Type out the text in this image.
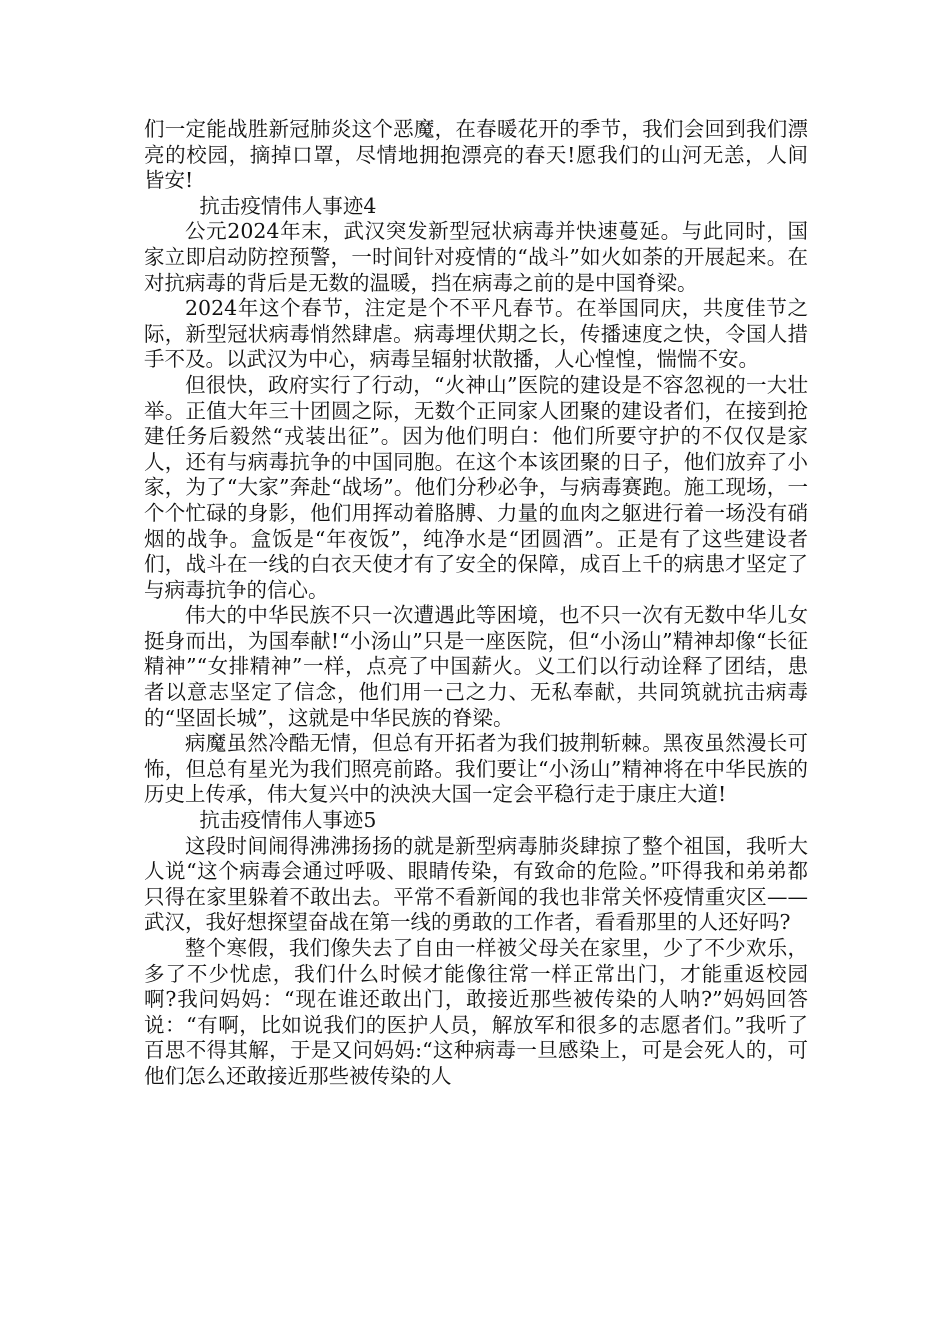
们一定能战胜新冠肺炎这个恶魔，在春暖花开的季节，我们会回到我们漂亮的校园，摘掉口罩，尽情地拥抱漂亮的春天!愿我们的山河无恙，人间皆安!

抗击疫情伟人事迹4

公元2024年末，武汉突发新型冠状病毒并快速蔓延。与此同时，国家立即启动防控预警，一时间针对疫情的“战斗”如火如荼的开展起来。在对抗病毒的背后是无数的温暖，挡在病毒之前的是中国脊梁。

2024年这个春节，注定是个不平凡春节。在举国同庆，共度佳节之际，新型冠状病毒悄然肆虐。病毒埋伏期之长，传播速度之快，令国人措手不及。以武汉为中心，病毒呈辐射状散播，人心惶惶，惴惴不安。

但很快，政府实行了行动，“火神山”医院的建设是不容忽视的一大壮举。正值大年三十团圆之际，无数个正同家人团聚的建设者们，在接到抢建任务后毅然“戎装出征”。因为他们明白：他们所要守护的不仅仅是家人，还有与病毒抗争的中国同胞。在这个本该团聚的日子，他们放弃了小家，为了“大家”奔赴“战场”。他们分秒必争，与病毒赛跑。施工现场，一个个忙碌的身影，他们用挥动着胳膊、力量的血肉之躯进行着一场没有硝烟的战争。盒饭是“年夜饭”，纯净水是“团圆酒”。正是有了这些建设者们，战斗在一线的白衣天使才有了安全的保障，成百上千的病患才坚定了与病毒抗争的信心。

伟大的中华民族不只一次遭遇此等困境，也不只一次有无数中华儿女挺身而出，为国奉献!“小汤山”只是一座医院，但“小汤山”精神却像“长征精神”“女排精神”一样，点亮了中国薪火。义工们以行动诠释了团结，患者以意志坚定了信念，他们用一己之力、无私奉献，共同筑就抗击病毒的“坚固长城”，这就是中华民族的脊梁。

病魔虽然冷酷无情，但总有开拓者为我们披荆斩棘。黑夜虽然漫长可怖，但总有星光为我们照亮前路。我们要让“小汤山”精神将在中华民族的历史上传承，伟大复兴中的泱泱大国一定会平稳行走于康庄大道!

抗击疫情伟人事迹5

这段时间闹得沸沸扬扬的就是新型病毒肺炎肆掠了整个祖国，我听大人说“这个病毒会通过呼吸、眼睛传染，有致命的危险。”吓得我和弟弟都只得在家里躲着不敢出去。平常不看新闻的我也非常关怀疫情重灾区——武汉，我好想探望奋战在第一线的勇敢的工作者，看看那里的人还好吗?

整个寒假，我们像失去了自由一样被父母关在家里，少了不少欢乐，多了不少忧虑，我们什么时候才能像往常一样正常出门，才能重返校园啊?我问妈妈：“现在谁还敢出门，敢接近那些被传染的人呐?”妈妈回答说：“有啊，比如说我们的医护人员，解放军和很多的志愿者们。”我听了百思不得其解，于是又问妈妈:“这种病毒一旦感染上，可是会死人的，可他们怎么还敢接近那些被传染的人
